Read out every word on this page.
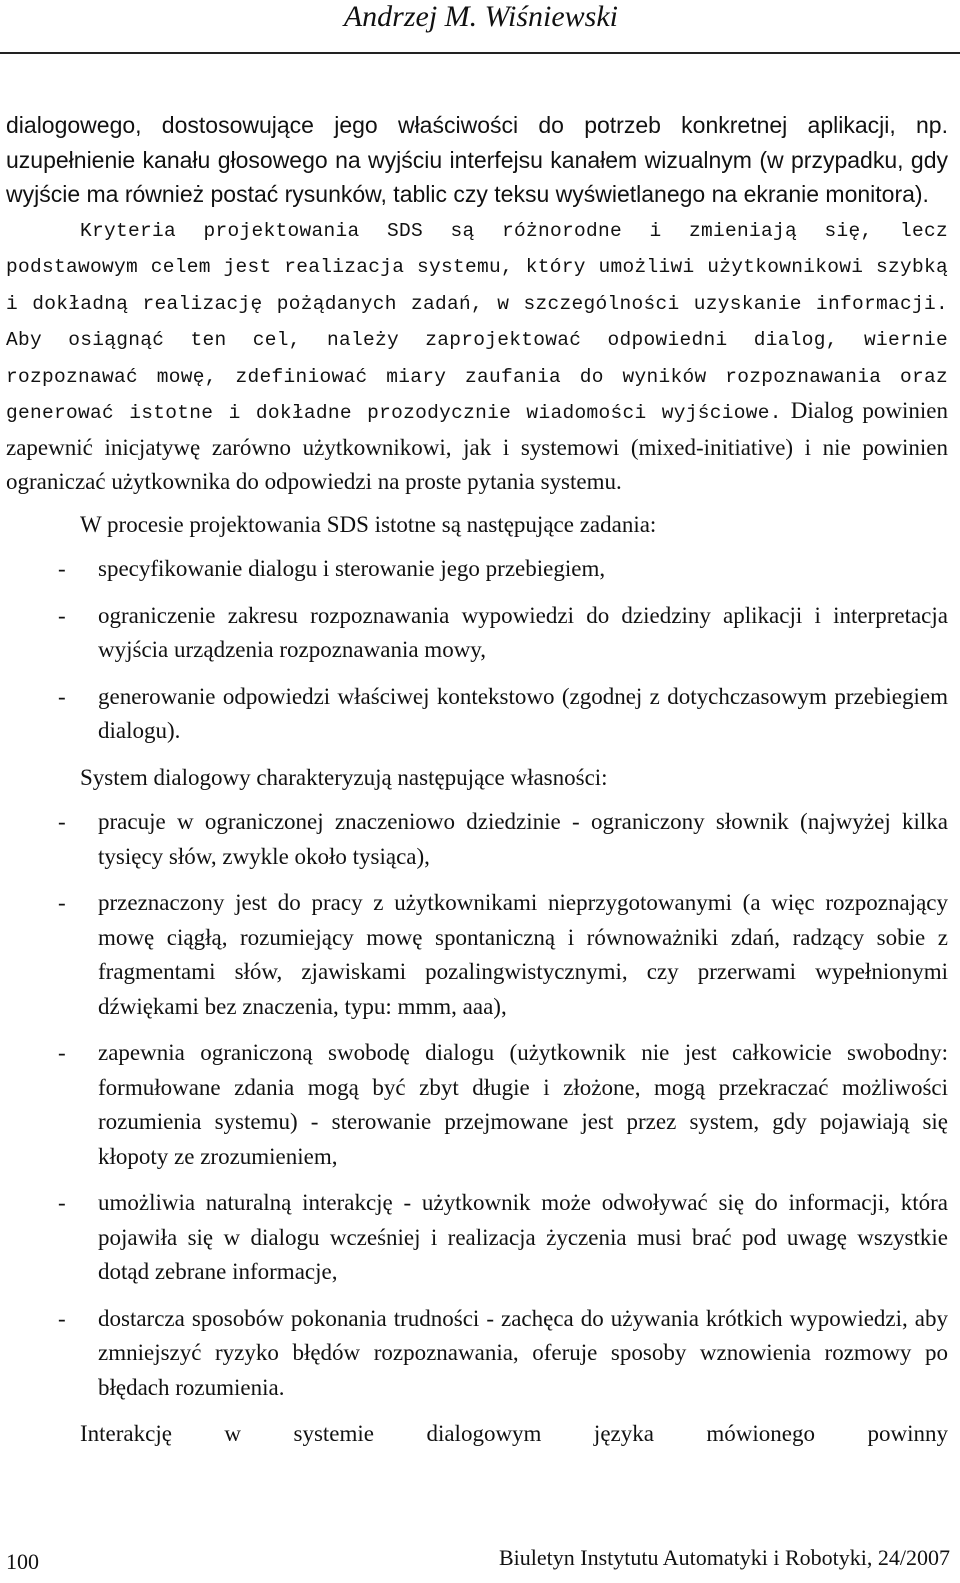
Andrzej M. Wiśniewski

dialogowego, dostosowujące jego właściwości do potrzeb konkretnej aplikacji, np. uzupełnienie kanału głosowego na wyjściu interfejsu kanałem wizualnym (w przypadku, gdy wyjście ma również postać rysunków, tablic czy teksu wyświetlanego na ekranie monitora).

Kryteria projektowania SDS są różnorodne i zmieniają się, lecz podstawowym celem jest realizacja systemu, który umożliwi użytkownikowi szybką i dokładną realizację pożądanych zadań, w szczególności uzyskanie informacji. Aby osiągnąć ten cel, należy zaprojektować odpowiedni dialog, wiernie rozpoznawać mowę, zdefiniować miary zaufania do wyników rozpoznawania oraz generować istotne i dokładne prozodycznie wiadomości wyjściowe. Dialog powinien zapewnić inicjatywę zarówno użytkownikowi, jak i systemowi (mixed-initiative) i nie powinien ograniczać użytkownika do odpowiedzi na proste pytania systemu.

W procesie projektowania SDS istotne są następujące zadania:

- specyfikowanie dialogu i sterowanie jego przebiegiem,
- ograniczenie zakresu rozpoznawania wypowiedzi do dziedziny aplikacji i interpretacja wyjścia urządzenia rozpoznawania mowy,
- generowanie odpowiedzi właściwej kontekstowo (zgodnej z dotychczasowym przebiegiem dialogu).

System dialogowy charakteryzują następujące własności:

- pracuje w ograniczonej znaczeniowo dziedzinie - ograniczony słownik (najwyżej kilka tysięcy słów, zwykle około tysiąca),
- przeznaczony jest do pracy z użytkownikami nieprzygotowanymi (a więc rozpoznający mowę ciągłą, rozumiejący mowę spontaniczną i równoważniki zdań, radzący sobie z fragmentami słów, zjawiskami pozalingwistycznymi, czy przerwami wypełnionymi dźwiękami bez znaczenia, typu: mmm, aaa),
- zapewnia ograniczoną swobodę dialogu (użytkownik nie jest całkowicie swobodny: formułowane zdania mogą być zbyt długie i złożone, mogą przekraczać możliwości rozumienia systemu) - sterowanie przejmowane jest przez system, gdy pojawiają się kłopoty ze zrozumieniem,
- umożliwia naturalną interakcję - użytkownik może odwoływać się do informacji, która pojawiła się w dialogu wcześniej i realizacja życzenia musi brać pod uwagę wszystkie dotąd zebrane informacje,
- dostarcza sposobów pokonania trudności - zachęca do używania krótkich wypowiedzi, aby zmniejszyć ryzyko błędów rozpoznawania, oferuje sposoby wznowienia rozmowy po błędach rozumienia.

Interakcję w systemie dialogowym języka mówionego powinny

100	Biuletyn Instytutu Automatyki i Robotyki, 24/2007
